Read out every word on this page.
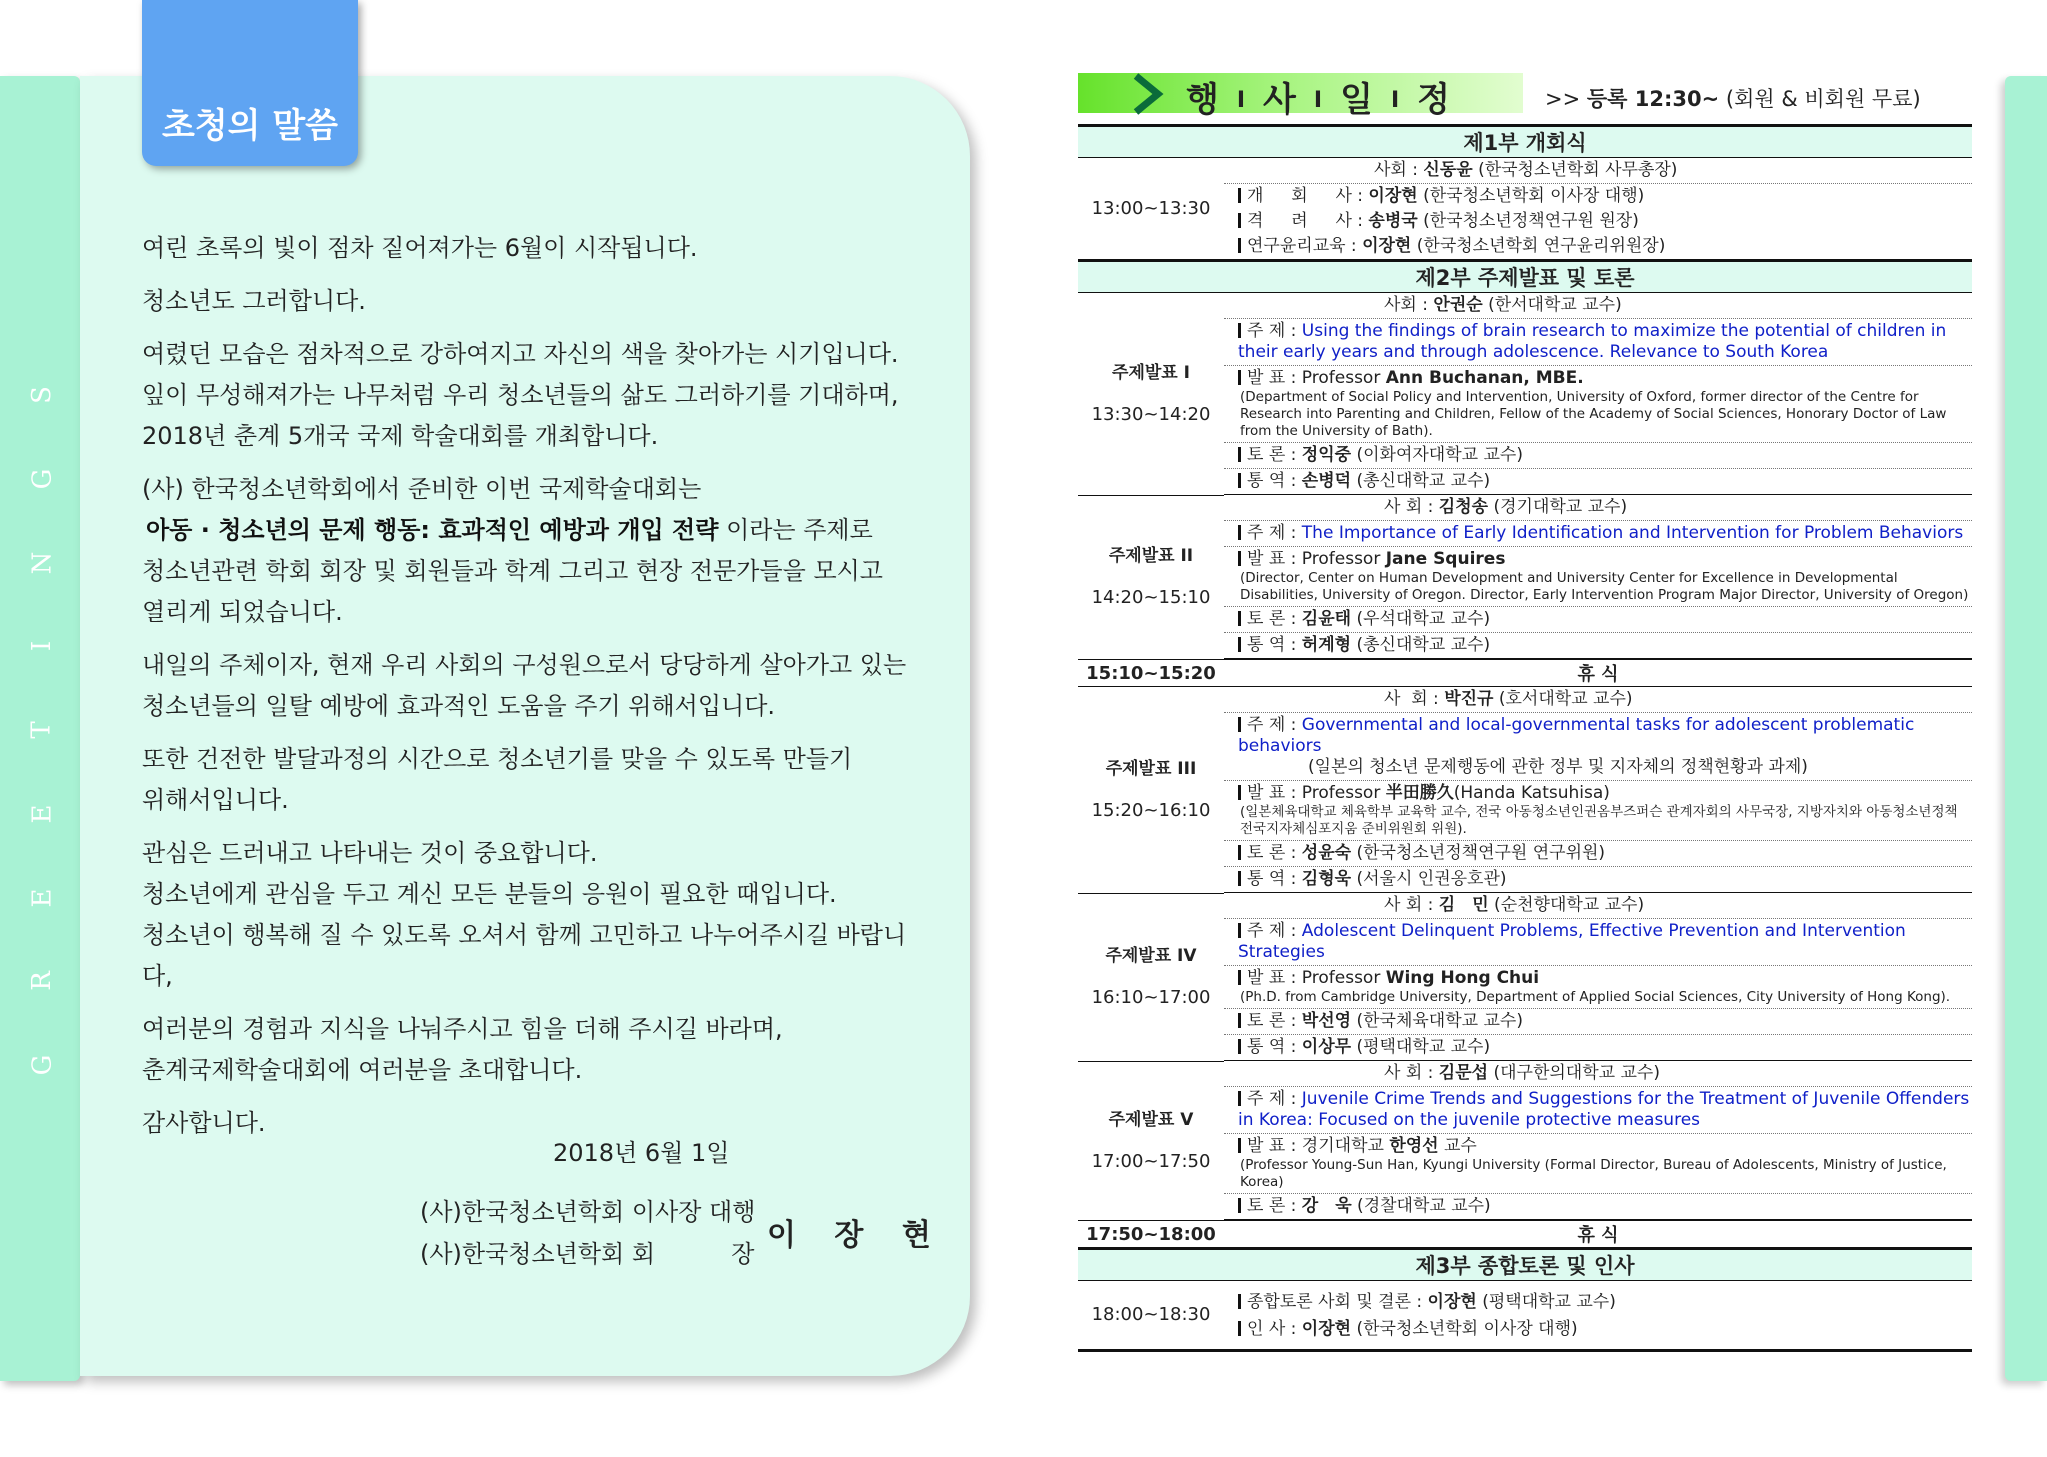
S
G
N
I
T
E
E
R
G
초청의 말씀

여린 초록의 빛이 점차 짙어져가는 6월이 시작됩니다.

청소년도 그러합니다.

여렸던 모습은 점차적으로 강하여지고 자신의 색을 찾아가는 시기입니다.
잎이 무성해져가는 나무처럼 우리 청소년들의 삶도 그러하기를 기대하며,
2018년 춘계 5개국 국제 학술대회를 개최합니다.

(사) 한국청소년학회에서 준비한 이번 국제학술대회는

아동 · 청소년의 문제 행동: 효과적인 예방과 개입 전략 이라는 주제로
청소년관련 학회 회장 및 회원들과 학계 그리고 현장 전문가들을 모시고
열리게 되었습니다.

내일의 주체이자, 현재 우리 사회의 구성원으로서 당당하게 살아가고 있는
청소년들의 일탈 예방에 효과적인 도움을 주기 위해서입니다.

또한 건전한 발달과정의 시간으로 청소년기를 맞을 수 있도록 만들기
위해서입니다.

관심은 드러내고 나타내는 것이 중요합니다.
청소년에게 관심을 두고 계신 모든 분들의 응원이 필요한 때입니다.
청소년이 행복해 질 수 있도록 오셔서 함께 고민하고 나누어주시길 바랍니다,

여러분의 경험과 지식을 나눠주시고 힘을 더해 주시길 바라며,
춘계국제학술대회에 여러분을 초대합니다.

감사합니다.

2018년 6월 1일
(사)한국청소년학회 이사장 대행
(사)한국청소년학회 회          장
이 장 현
행 I 사 I 일 I 정	>> 등록 12:30~ (회원 & 비회원 무료)
제1부 개회식	
13:00~13:30	사회 : 신동윤 (한국청소년학회 사무총장)
	개　  회　  사 : 이장현 (한국청소년학회 이사장 대행)
	격　  려　  사 : 송병국 (한국청소년정책연구원 원장)
	연구윤리교육 : 이장현 (한국청소년학회 연구윤리위원장)
제2부 주제발표 및 토론	

주제발표 I
13:30~14:20	사회 : 안권순 (한서대학교 교수)
	주 제 : Using the findings of brain research to maximize the potential of children in their early years and through adolescence. Relevance to South Korea
	발 표 : Professor Ann Buchanan, MBE.
(Department of Social Policy and Intervention, University of Oxford, former director of the Centre for Research into Parenting and Children, Fellow of the Academy of Social Sciences, Honorary Doctor of Law from the University of Bath).

	토 론 : 정익중 (이화여자대학교 교수)
	통 역 : 손병덕 (총신대학교 교수)

주제발표 II
14:20~15:10	사 회 : 김청송 (경기대학교 교수)
	주 제 : The Importance of Early Identification and Intervention for Problem Behaviors
	발 표 : Professor Jane Squires
(Director, Center on Human Development and University Center for Excellence in Developmental Disabilities, University of Oregon. Director, Early Intervention Program Major Director, University of Oregon)

	토 론 : 김윤태 (우석대학교 교수)
	통 역 : 허계형 (총신대학교 교수)

15:10~15:20	휴 식

주제발표 III
15:20~16:10	사  회 : 박진규 (호서대학교 교수)
	주 제 : Governmental and local-governmental tasks for adolescent problematic behaviors
(일본의 청소년 문제행동에 관한 정부 및 지자체의 정책현황과 과제)

	발 표 : Professor 半田勝久(Handa Katsuhisa)
(일본체육대학교 체육학부 교육학 교수, 전국 아동청소년인권옴부즈퍼슨 관계자회의 사무국장, 지방자치와 아동청소년정책 전국지자체심포지움 준비위원회 위원).

	토 론 : 성윤숙 (한국청소년정책연구원 연구위원)
	통 역 : 김형욱 (서울시 인권옹호관)

주제발표 IV
16:10~17:00	사 회 : 김　민 (순천향대학교 교수)
	주 제 : Adolescent Delinquent Problems, Effective Prevention and Intervention Strategies
	발 표 : Professor Wing Hong Chui
(Ph.D. from Cambridge University, Department of Applied Social Sciences, City University of Hong Kong).

	토 론 : 박선영 (한국체육대학교 교수)
	통 역 : 이상무 (평택대학교 교수)

주제발표 V
17:00~17:50	사 회 : 김문섭 (대구한의대학교 교수)
	주 제 : Juvenile Crime Trends and Suggestions for the Treatment of Juvenile Offenders in Korea: Focused on the juvenile protective measures
	발 표 : 경기대학교 한영선 교수
(Professor Young-Sun Han, Kyungi University (Formal Director, Bureau of Adolescents, Ministry of Justice, Korea)

	토 론 : 강　욱 (경찰대학교 교수)

17:50~18:00	휴 식
제3부 종합토론 및 인사	
18:00~18:30	종합토론 사회 및 결론 : 이장현 (평택대학교 교수)
	인 사 : 이장현 (한국청소년학회 이사장 대행)
